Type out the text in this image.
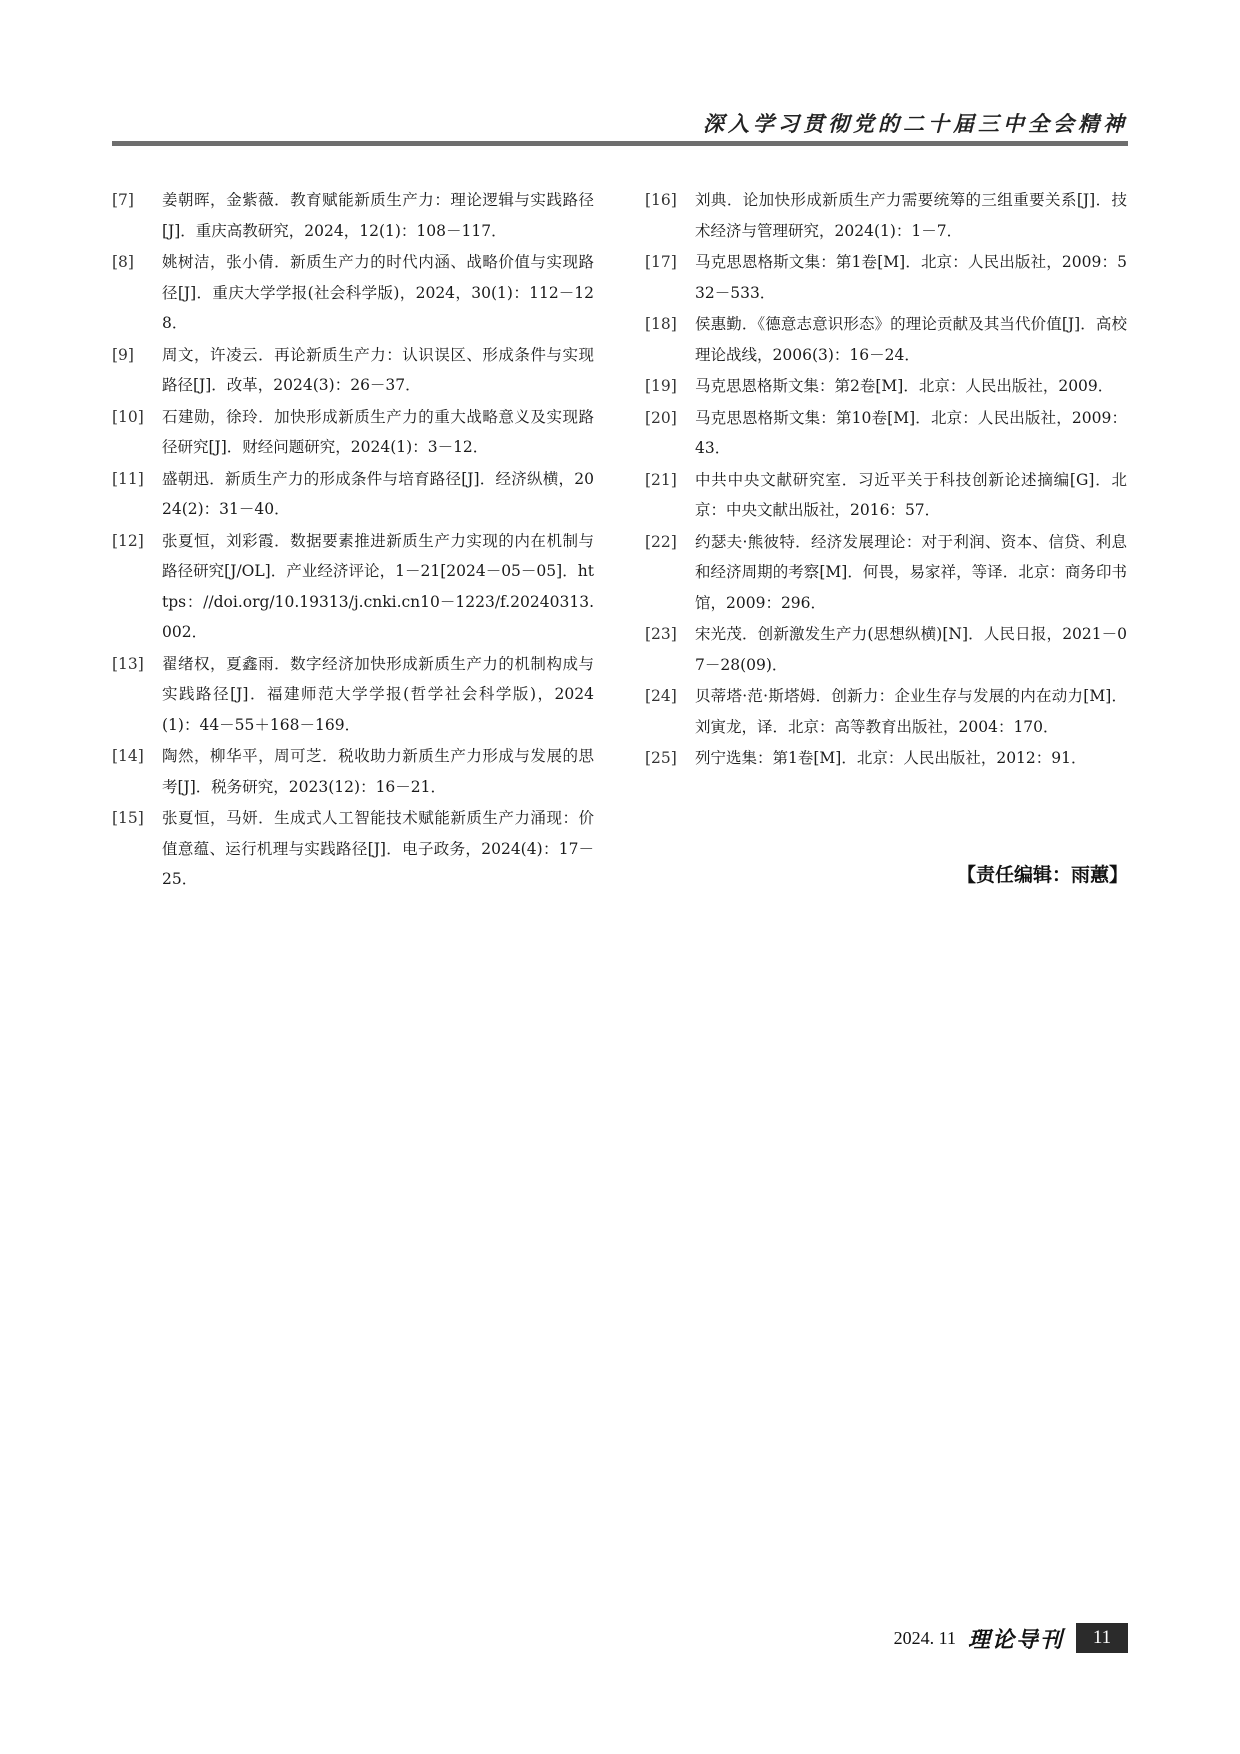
深入学习贯彻党的二十届三中全会精神
[7]	姜朝晖，金紫薇．教育赋能新质生产力：理论逻辑与实践路径[J]．重庆高教研究，2024，12(1)：108－117．
[8]	姚树洁，张小倩．新质生产力的时代内涵、战略价值与实现路径[J]．重庆大学学报(社会科学版)，2024，30(1)：112－128．
[9]	周文，许凌云．再论新质生产力：认识误区、形成条件与实现路径[J]．改革，2024(3)：26－37．
[10]	石建勋，徐玲．加快形成新质生产力的重大战略意义及实现路径研究[J]．财经问题研究，2024(1)：3－12．
[11]	盛朝迅．新质生产力的形成条件与培育路径[J]．经济纵横，2024(2)：31－40．
[12]	张夏恒，刘彩霞．数据要素推进新质生产力实现的内在机制与路径研究[J/OL]．产业经济评论，1－21[2024－05－05]．https：//doi.org/10.19313/j.cnki.cn10－1223/f.20240313.002．
[13]	翟绪权，夏鑫雨．数字经济加快形成新质生产力的机制构成与实践路径[J]．福建师范大学学报(哲学社会科学版)，2024(1)：44－55＋168－169．
[14]	陶然，柳华平，周可芝．税收助力新质生产力形成与发展的思考[J]．税务研究，2023(12)：16－21．
[15]	张夏恒，马妍．生成式人工智能技术赋能新质生产力涌现：价值意蕴、运行机理与实践路径[J]．电子政务，2024(4)：17－25．
[16]	刘典．论加快形成新质生产力需要统筹的三组重要关系[J]．技术经济与管理研究，2024(1)：1－7．
[17]	马克思恩格斯文集：第1卷[M]．北京：人民出版社，2009：532－533．
[18]	侯惠勤．《德意志意识形态》的理论贡献及其当代价值[J]．高校理论战线，2006(3)：16－24．
[19]	马克思恩格斯文集：第2卷[M]．北京：人民出版社，2009．
[20]	马克思恩格斯文集：第10卷[M]．北京：人民出版社，2009：43．
[21]	中共中央文献研究室．习近平关于科技创新论述摘编[G]．北京：中央文献出版社，2016：57．
[22]	约瑟夫·熊彼特．经济发展理论：对于利润、资本、信贷、利息和经济周期的考察[M]．何畏，易家祥，等译．北京：商务印书馆，2009：296．
[23]	宋光茂．创新激发生产力(思想纵横)[N]．人民日报，2021－07－28(09)．
[24]	贝蒂塔·范·斯塔姆．创新力：企业生存与发展的内在动力[M]．刘寅龙，译．北京：高等教育出版社，2004：170．
[25]	列宁选集：第1卷[M]．北京：人民出版社，2012：91．
【责任编辑：雨蕙】
2024. 11 理论导刊	11
